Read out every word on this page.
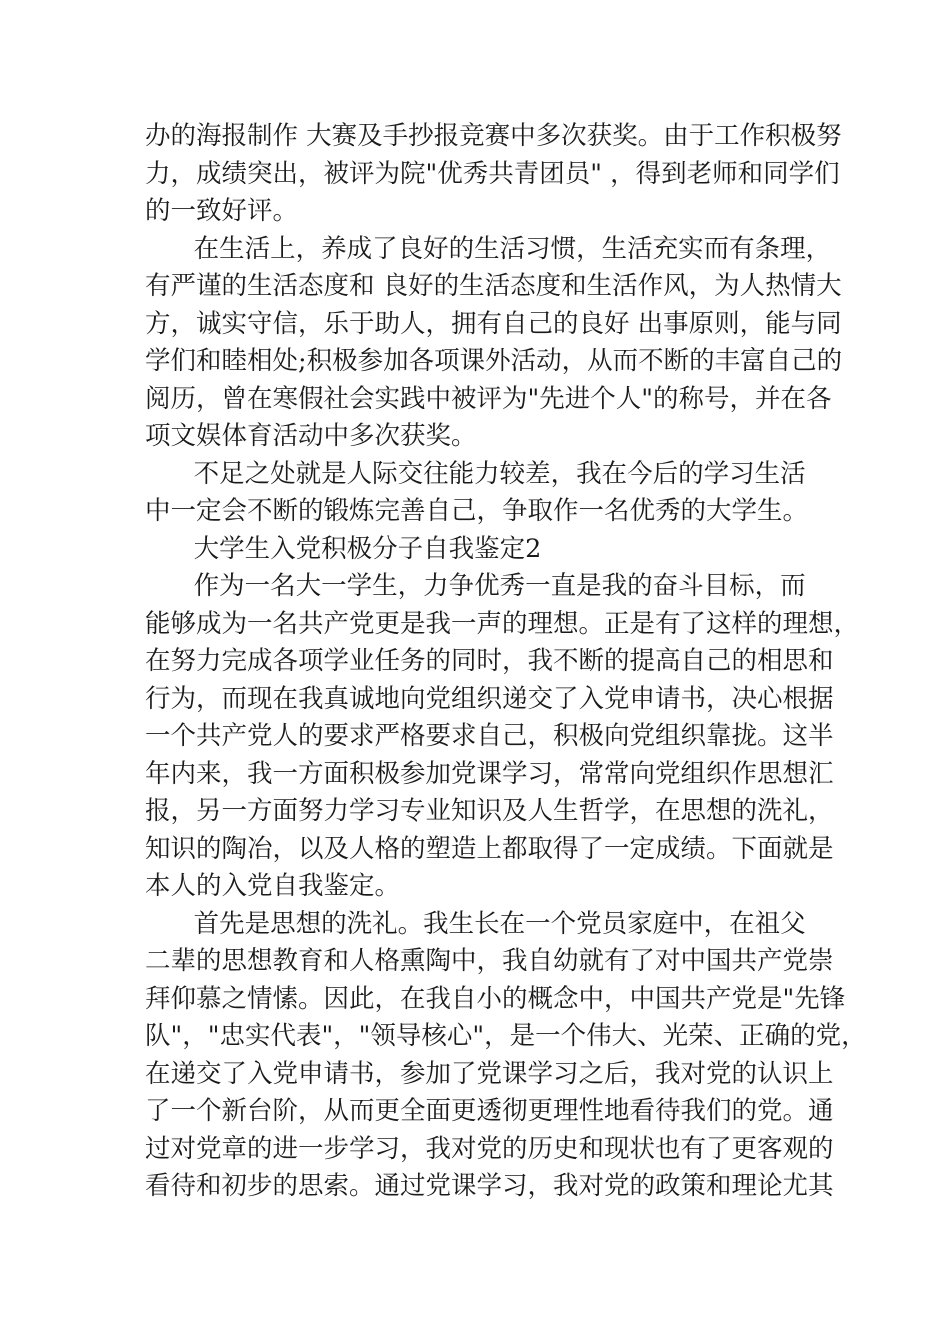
办的海报制作 大赛及手抄报竞赛中多次获奖。由于工作积极努
力，成绩突出，被评为院"优秀共青团员" ，得到老师和同学们
的一致好评。
在生活上，养成了良好的生活习惯，生活充实而有条理，
有严谨的生活态度和 良好的生活态度和生活作风，为人热情大
方，诚实守信，乐于助人，拥有自己的良好 出事原则，能与同
学们和睦相处;积极参加各项课外活动，从而不断的丰富自己的
阅历，曾在寒假社会实践中被评为"先进个人"的称号，并在各
项文娱体育活动中多次获奖。
不足之处就是人际交往能力较差，我在今后的学习生活
中一定会不断的锻炼完善自己，争取作一名优秀的大学生。
大学生入党积极分子自我鉴定2
作为一名大一学生，力争优秀一直是我的奋斗目标，而
能够成为一名共产党更是我一声的理想。正是有了这样的理想，
在努力完成各项学业任务的同时，我不断的提高自己的相思和
行为，而现在我真诚地向党组织递交了入党申请书，决心根据
一个共产党人的要求严格要求自己，积极向党组织靠拢。这半
年内来，我一方面积极参加党课学习，常常向党组织作思想汇
报，另一方面努力学习专业知识及人生哲学，在思想的洗礼，
知识的陶冶，以及人格的塑造上都取得了一定成绩。下面就是
本人的入党自我鉴定。
首先是思想的洗礼。我生长在一个党员家庭中，在祖父
二辈的思想教育和人格熏陶中，我自幼就有了对中国共产党崇
拜仰慕之情愫。因此，在我自小的概念中，中国共产党是"先锋
队"，"忠实代表"，"领导核心"，是一个伟大、光荣、正确的党，
在递交了入党申请书，参加了党课学习之后，我对党的认识上
了一个新台阶，从而更全面更透彻更理性地看待我们的党。通
过对党章的进一步学习，我对党的历史和现状也有了更客观的
看待和初步的思索。通过党课学习，我对党的政策和理论尤其
